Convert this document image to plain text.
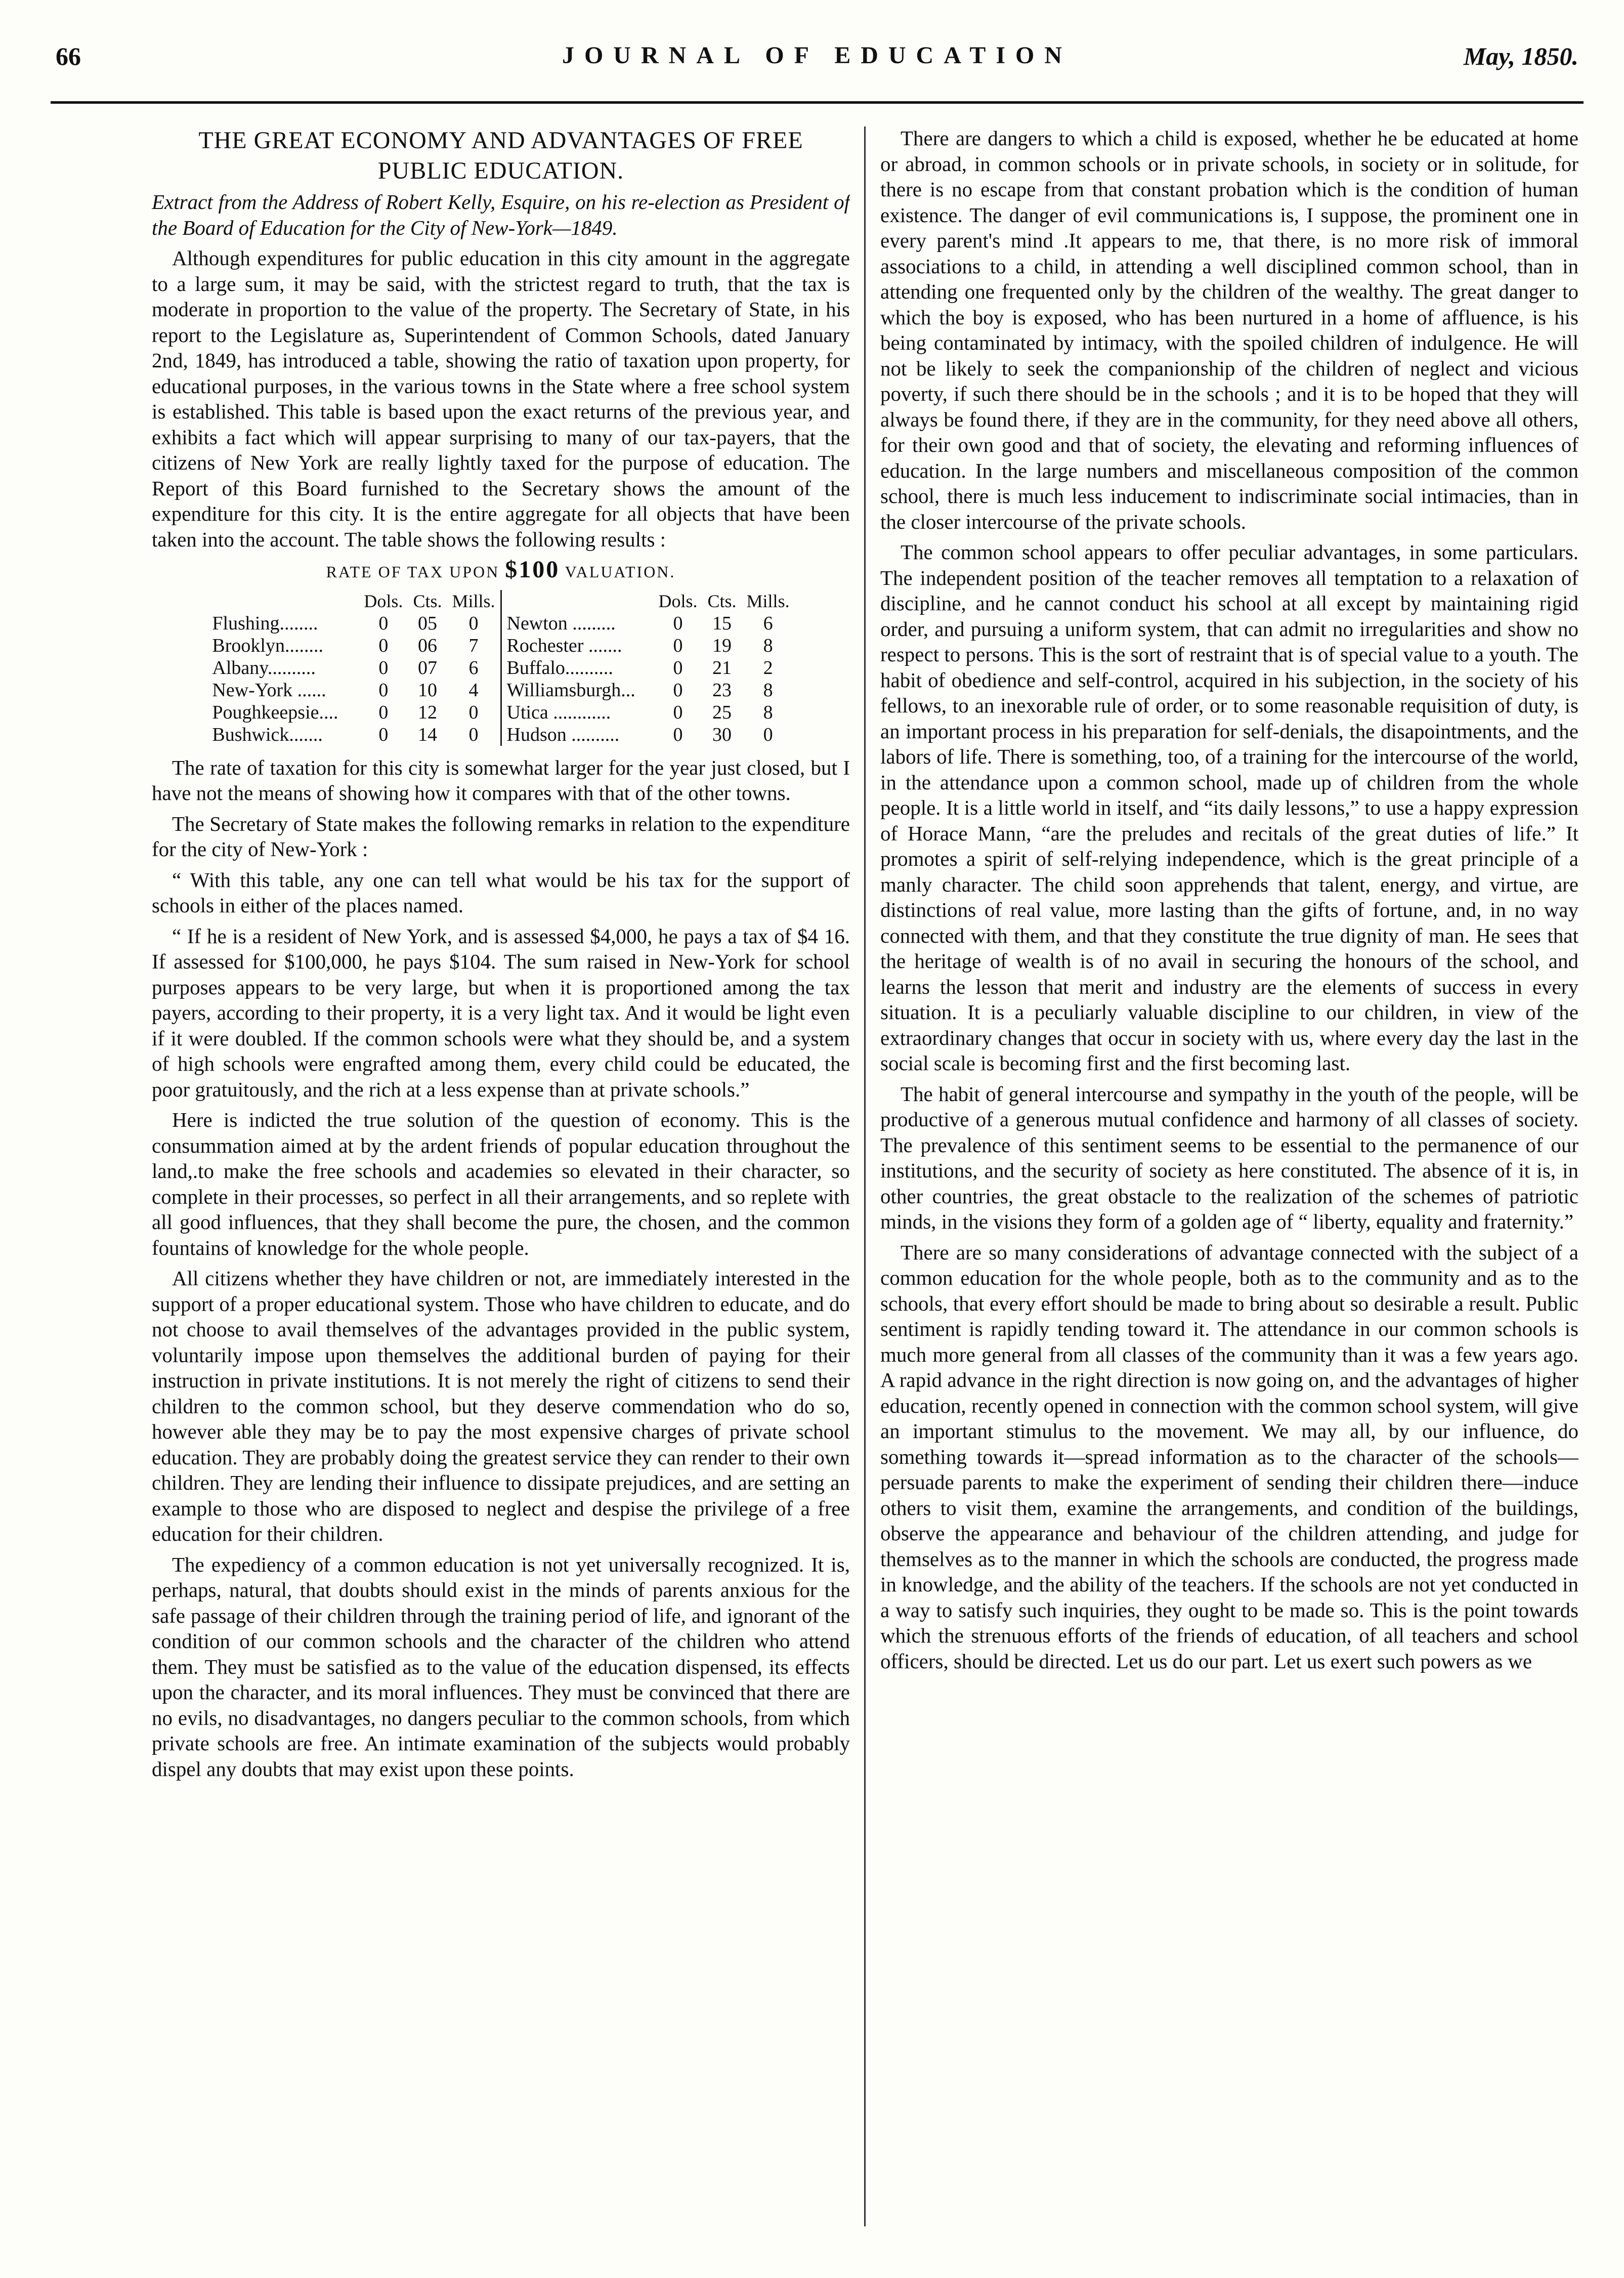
66	JOURNAL OF EDUCATION	May, 1850.
THE GREAT ECONOMY AND ADVANTAGES OF FREE PUBLIC EDUCATION.

Extract from the Address of Robert Kelly, Esquire, on his re-election as President of the Board of Education for the City of New-York—1849.

Although expenditures for public education in this city amount in the aggregate to a large sum, it may be said, with the strictest regard to truth, that the tax is moderate in proportion to the value of the property. The Secretary of State, in his report to the Legislature as, Superintendent of Common Schools, dated January 2nd, 1849, has introduced a table, showing the ratio of taxation upon property, for educational purposes, in the various towns in the State where a free school system is established. This table is based upon the exact returns of the previous year, and exhibits a fact which will appear surprising to many of our tax-payers, that the citizens of New York are really lightly taxed for the purpose of education. The Report of this Board furnished to the Secretary shows the amount of the expenditure for this city. It is the entire aggregate for all objects that have been taken into the account. The table shows the following results :

RATE OF TAX UPON $100 VALUATION.

	Dols.	Cts.	Mills.
Flushing........	0	05	0
Brooklyn........	0	06	7
Albany..........	0	07	6
New-York ......	0	10	4
Poughkeepsie....	0	12	0
Bushwick.......	0	14	0
	Dols.	Cts.	Mills.
Newton .........	0	15	6
Rochester .......	0	19	8
Buffalo..........	0	21	2
Williamsburgh...	0	23	8
Utica ............	0	25	8
Hudson ..........	0	30	0

The rate of taxation for this city is somewhat larger for the year just closed, but I have not the means of showing how it compares with that of the other towns.

The Secretary of State makes the following remarks in relation to the expenditure for the city of New-York :

“ With this table, any one can tell what would be his tax for the support of schools in either of the places named.

“ If he is a resident of New York, and is assessed $4,000, he pays a tax of $4 16. If assessed for $100,000, he pays $104. The sum raised in New-York for school purposes appears to be very large, but when it is proportioned among the tax payers, according to their property, it is a very light tax. And it would be light even if it were doubled. If the common schools were what they should be, and a system of high schools were engrafted among them, every child could be educated, the poor gratuitously, and the rich at a less expense than at private schools.”

Here is indicted the true solution of the question of economy. This is the consummation aimed at by the ardent friends of popular education throughout the land,.to make the free schools and academies so elevated in their character, so complete in their processes, so perfect in all their arrangements, and so replete with all good influences, that they shall become the pure, the chosen, and the common fountains of knowledge for the whole people.

All citizens whether they have children or not, are immediately interested in the support of a proper educational system. Those who have children to educate, and do not choose to avail themselves of the advantages provided in the public system, voluntarily impose upon themselves the additional burden of paying for their instruction in private institutions. It is not merely the right of citizens to send their children to the common school, but they deserve commendation who do so, however able they may be to pay the most expensive charges of private school education. They are probably doing the greatest service they can render to their own children. They are lending their influence to dissipate prejudices, and are setting an example to those who are disposed to neglect and despise the privilege of a free education for their children.

The expediency of a common education is not yet universally recognized. It is, perhaps, natural, that doubts should exist in the minds of parents anxious for the safe passage of their children through the training period of life, and ignorant of the condition of our common schools and the character of the children who attend them. They must be satisfied as to the value of the education dispensed, its effects upon the character, and its moral influences. They must be convinced that there are no evils, no disadvantages, no dangers peculiar to the common schools, from which private schools are free. An intimate examination of the subjects would probably dispel any doubts that may exist upon these points.

There are dangers to which a child is exposed, whether he be educated at home or abroad, in common schools or in private schools, in society or in solitude, for there is no escape from that constant probation which is the condition of human existence. The danger of evil communications is, I suppose, the prominent one in every parent's mind .It appears to me, that there, is no more risk of immoral associations to a child, in attending a well disciplined common school, than in attending one frequented only by the children of the wealthy. The great danger to which the boy is exposed, who has been nurtured in a home of affluence, is his being contaminated by intimacy, with the spoiled children of indulgence. He will not be likely to seek the companionship of the children of neglect and vicious poverty, if such there should be in the schools ; and it is to be hoped that they will always be found there, if they are in the community, for they need above all others, for their own good and that of society, the elevating and reforming influences of education. In the large numbers and miscellaneous composition of the common school, there is much less inducement to indiscriminate social intimacies, than in the closer intercourse of the private schools.

The common school appears to offer peculiar advantages, in some particulars. The independent position of the teacher removes all temptation to a relaxation of discipline, and he cannot conduct his school at all except by maintaining rigid order, and pursuing a uniform system, that can admit no irregularities and show no respect to persons. This is the sort of restraint that is of special value to a youth. The habit of obedience and self-control, acquired in his subjection, in the society of his fellows, to an inexorable rule of order, or to some reasonable requisition of duty, is an important process in his preparation for self-denials, the disapointments, and the labors of life. There is something, too, of a training for the intercourse of the world, in the attendance upon a common school, made up of children from the whole people. It is a little world in itself, and “its daily lessons,” to use a happy expression of Horace Mann, “are the preludes and recitals of the great duties of life.” It promotes a spirit of self-relying independence, which is the great principle of a manly character. The child soon apprehends that talent, energy, and virtue, are distinctions of real value, more lasting than the gifts of fortune, and, in no way connected with them, and that they constitute the true dignity of man. He sees that the heritage of wealth is of no avail in securing the honours of the school, and learns the lesson that merit and industry are the elements of success in every situation. It is a peculiarly valuable discipline to our children, in view of the extraordinary changes that occur in society with us, where every day the last in the social scale is becoming first and the first becoming last.

The habit of general intercourse and sympathy in the youth of the people, will be productive of a generous mutual confidence and harmony of all classes of society. The prevalence of this sentiment seems to be essential to the permanence of our institutions, and the security of society as here constituted. The absence of it is, in other countries, the great obstacle to the realization of the schemes of patriotic minds, in the visions they form of a golden age of “ liberty, equality and fraternity.”

There are so many considerations of advantage connected with the subject of a common education for the whole people, both as to the community and as to the schools, that every effort should be made to bring about so desirable a result. Public sentiment is rapidly tending toward it. The attendance in our common schools is much more general from all classes of the community than it was a few years ago. A rapid advance in the right direction is now going on, and the advantages of higher education, recently opened in connection with the common school system, will give an important stimulus to the movement. We may all, by our influence, do something towards it—spread information as to the character of the schools—persuade parents to make the experiment of sending their children there—induce others to visit them, examine the arrangements, and condition of the buildings, observe the appearance and behaviour of the children attending, and judge for themselves as to the manner in which the schools are conducted, the progress made in knowledge, and the ability of the teachers. If the schools are not yet conducted in a way to satisfy such inquiries, they ought to be made so. This is the point towards which the strenuous efforts of the friends of education, of all teachers and school officers, should be directed. Let us do our part. Let us exert such powers as we
